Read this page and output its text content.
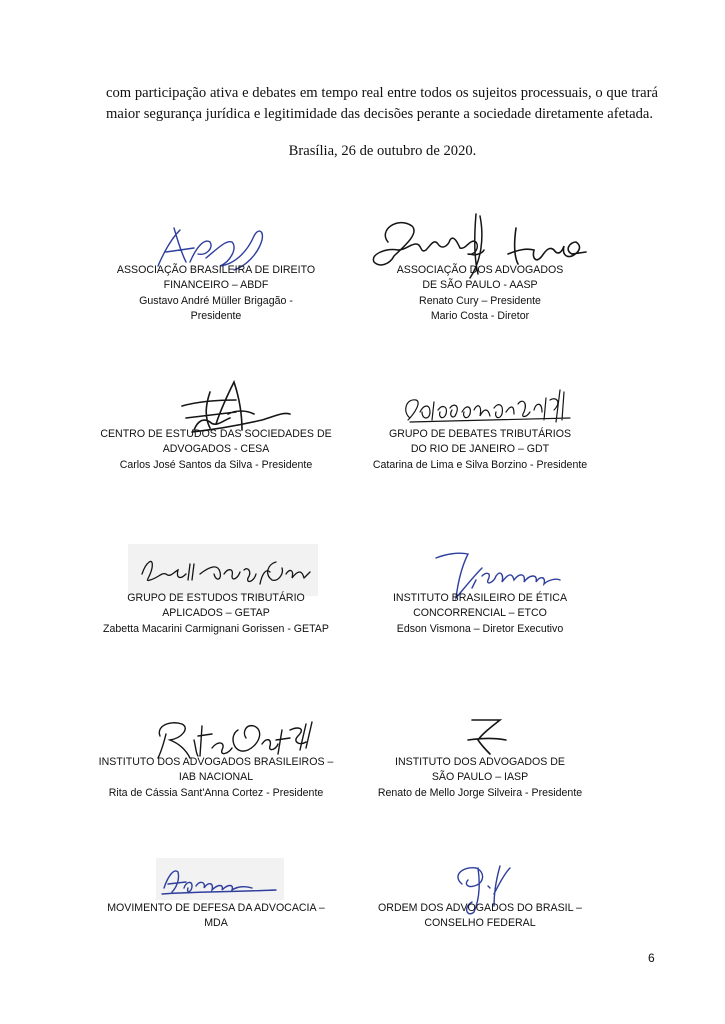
com participação ativa e debates em tempo real entre todos os sujeitos processuais, o que trará
maior segurança jurídica e legitimidade das decisões perante a sociedade diretamente afetada.
Brasília, 26 de outubro de 2020.
ASSOCIAÇÃO BRASILEIRA DE DIREITO
FINANCEIRO – ABDF
Gustavo André Müller Brigagão -
Presidente
ASSOCIAÇÃO DOS ADVOGADOS
DE SÃO PAULO - AASP
Renato Cury – Presidente
Mario Costa - Diretor
CENTRO DE ESTUDOS DAS SOCIEDADES DE
ADVOGADOS - CESA
Carlos José Santos da Silva - Presidente
GRUPO DE DEBATES TRIBUTÁRIOS
DO RIO DE JANEIRO – GDT
Catarina de Lima e Silva Borzino - Presidente
GRUPO DE ESTUDOS TRIBUTÁRIO
APLICADOS – GETAP
Zabetta Macarini Carmignani Gorissen - GETAP
INSTITUTO BRASILEIRO DE ÉTICA
CONCORRENCIAL – ETCO
Edson Vismona – Diretor Executivo
INSTITUTO DOS ADVOGADOS BRASILEIROS –
IAB NACIONAL
Rita de Cássia Sant'Anna Cortez - Presidente
INSTITUTO DOS ADVOGADOS DE
SÃO PAULO – IASP
Renato de Mello Jorge Silveira - Presidente
MOVIMENTO DE DEFESA DA ADVOCACIA –
MDA
ORDEM DOS ADVOGADOS DO BRASIL –
CONSELHO FEDERAL
6
